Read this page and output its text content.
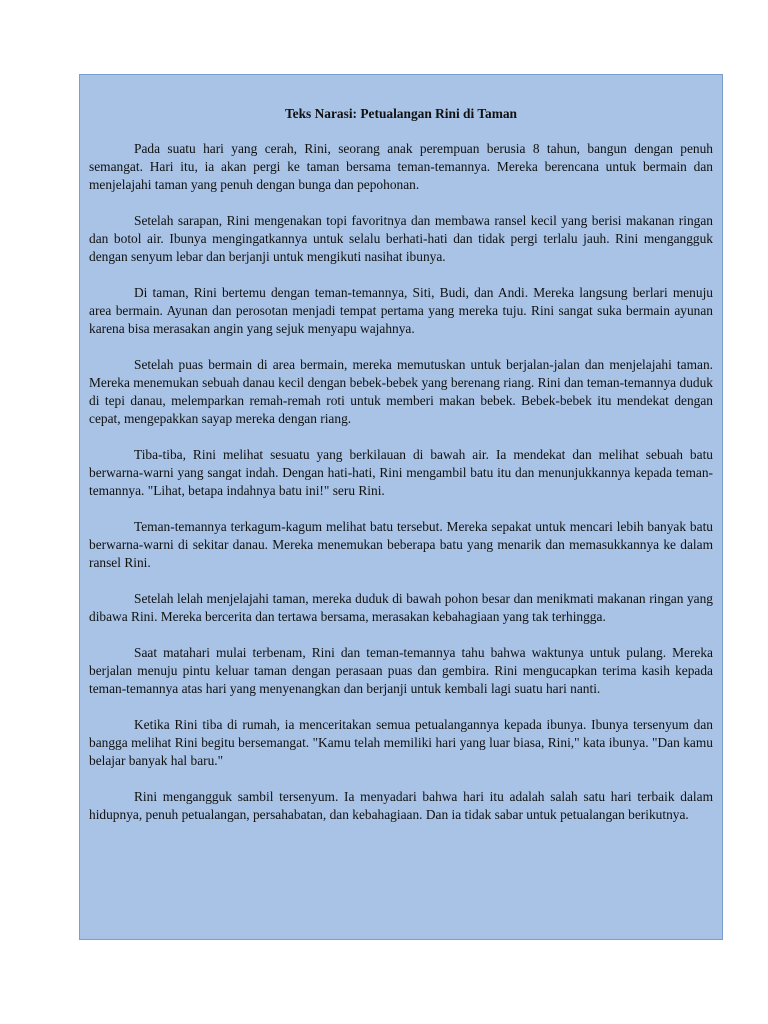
Teks Narasi: Petualangan Rini di Taman

Pada suatu hari yang cerah, Rini, seorang anak perempuan berusia 8 tahun, bangun dengan penuh semangat. Hari itu, ia akan pergi ke taman bersama teman-temannya. Mereka berencana untuk bermain dan menjelajahi taman yang penuh dengan bunga dan pepohonan.

Setelah sarapan, Rini mengenakan topi favoritnya dan membawa ransel kecil yang berisi makanan ringan dan botol air. Ibunya mengingatkannya untuk selalu berhati-hati dan tidak pergi terlalu jauh. Rini mengangguk dengan senyum lebar dan berjanji untuk mengikuti nasihat ibunya.

Di taman, Rini bertemu dengan teman-temannya, Siti, Budi, dan Andi. Mereka langsung berlari menuju area bermain. Ayunan dan perosotan menjadi tempat pertama yang mereka tuju. Rini sangat suka bermain ayunan karena bisa merasakan angin yang sejuk menyapu wajahnya.

Setelah puas bermain di area bermain, mereka memutuskan untuk berjalan-jalan dan menjelajahi taman. Mereka menemukan sebuah danau kecil dengan bebek-bebek yang berenang riang. Rini dan teman-temannya duduk di tepi danau, melemparkan remah-remah roti untuk memberi makan bebek. Bebek-bebek itu mendekat dengan cepat, mengepakkan sayap mereka dengan riang.

Tiba-tiba, Rini melihat sesuatu yang berkilauan di bawah air. Ia mendekat dan melihat sebuah batu berwarna-warni yang sangat indah. Dengan hati-hati, Rini mengambil batu itu dan menunjukkannya kepada teman-temannya. "Lihat, betapa indahnya batu ini!" seru Rini.

Teman-temannya terkagum-kagum melihat batu tersebut. Mereka sepakat untuk mencari lebih banyak batu berwarna-warni di sekitar danau. Mereka menemukan beberapa batu yang menarik dan memasukkannya ke dalam ransel Rini.

Setelah lelah menjelajahi taman, mereka duduk di bawah pohon besar dan menikmati makanan ringan yang dibawa Rini. Mereka bercerita dan tertawa bersama, merasakan kebahagiaan yang tak terhingga.

Saat matahari mulai terbenam, Rini dan teman-temannya tahu bahwa waktunya untuk pulang. Mereka berjalan menuju pintu keluar taman dengan perasaan puas dan gembira. Rini mengucapkan terima kasih kepada teman-temannya atas hari yang menyenangkan dan berjanji untuk kembali lagi suatu hari nanti.

Ketika Rini tiba di rumah, ia menceritakan semua petualangannya kepada ibunya. Ibunya tersenyum dan bangga melihat Rini begitu bersemangat. "Kamu telah memiliki hari yang luar biasa, Rini," kata ibunya. "Dan kamu belajar banyak hal baru."

Rini mengangguk sambil tersenyum. Ia menyadari bahwa hari itu adalah salah satu hari terbaik dalam hidupnya, penuh petualangan, persahabatan, dan kebahagiaan. Dan ia tidak sabar untuk petualangan berikutnya.
